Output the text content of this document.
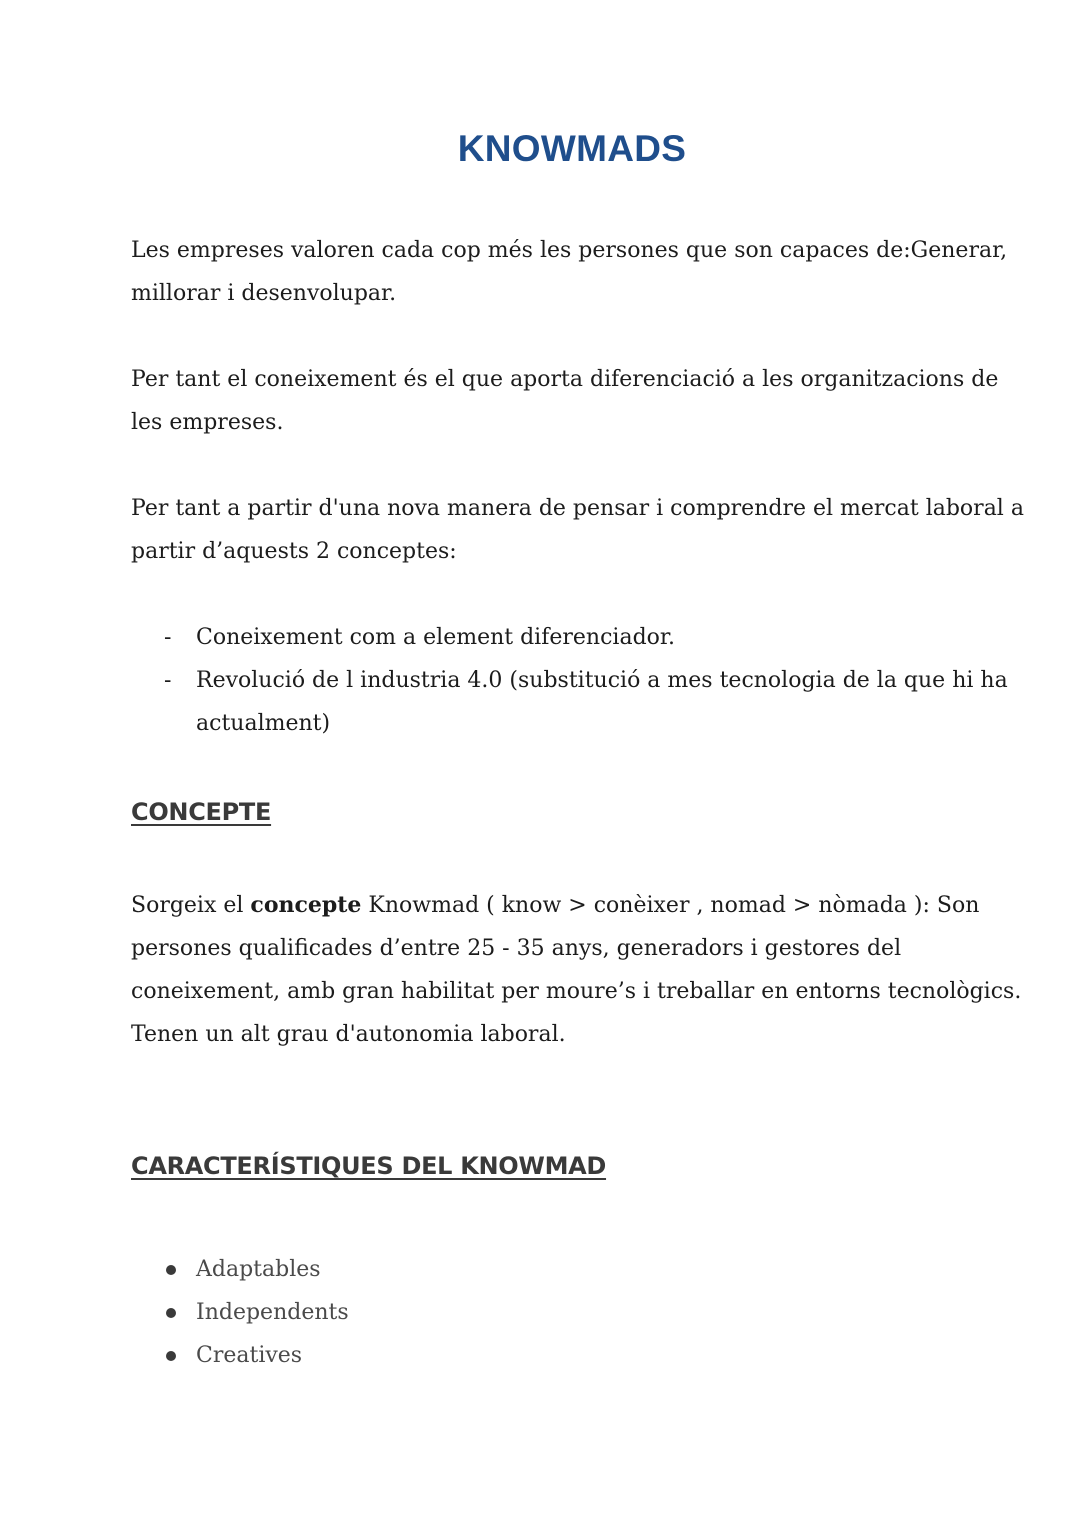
KNOWMADS

Les empreses valoren cada cop més les persones que son capaces de:Generar,
millorar i desenvolupar.

Per tant el coneixement és el que aporta diferenciació a les organitzacions de
les empreses.

Per tant a partir d'una nova manera de pensar i comprendre el mercat laboral a
partir d’aquests 2 conceptes:

- Coneixement com a element diferenciador.
- Revolució de l industria 4.0 (substitució a mes tecnologia de la que hi ha
actualment)
CONCEPTE

Sorgeix el concepte Knowmad ( know > conèixer , nomad > nòmada ): Son
persones qualificades d’entre 25 - 35 anys, generadors i gestores del
coneixement, amb gran habilitat per moure’s i treballar en entorns tecnològics.
Tenen un alt grau d'autonomia laboral.

CARACTERÍSTIQUES DEL KNOWMAD
Adaptables
Independents
Creatives
